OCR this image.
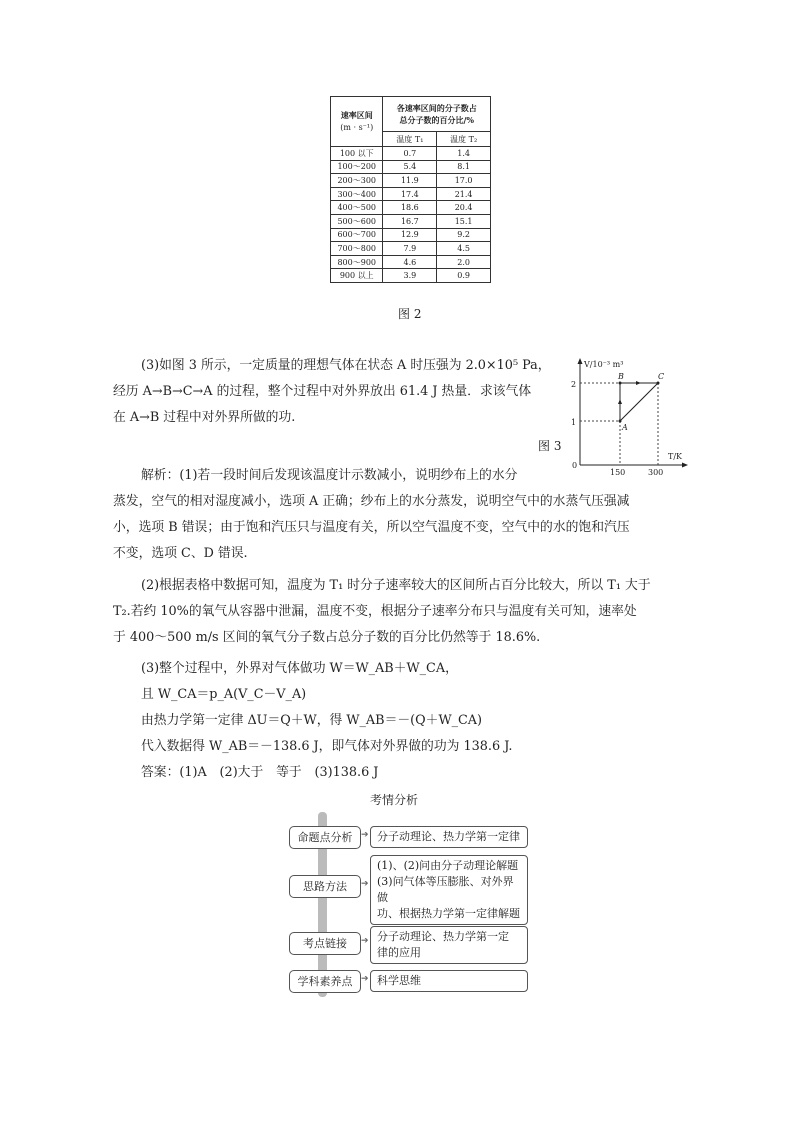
速率区间
(m · s⁻¹)	各速率区间的分子数占
总分子数的百分比/%	
	温度 T₁	温度 T₂
100 以下	0.7	1.4
100～200	5.4	8.1
200～300	11.9	17.0
300～400	17.4	21.4
400～500	18.6	20.4
500～600	16.7	15.1
600～700	12.9	9.2
700～800	7.9	4.5
800～900	4.6	2.0
900 以上	3.9	0.9
图 2
(3)如图 3 所示，一定质量的理想气体在状态 A 时压强为 2.0×10⁵ Pa，
经历 A→B→C→A 的过程，整个过程中对外界放出 61.4 J 热量．求该气体
在 A→B 过程中对外界所做的功.
V/10⁻³ m³
T/K
0
2
1
150	300
A
B	C
图 3
解析：(1)若一段时间后发现该温度计示数减小，说明纱布上的水分
蒸发，空气的相对湿度减小，选项 A 正确；纱布上的水分蒸发，说明空气中的水蒸气压强减
小，选项 B 错误；由于饱和汽压只与温度有关，所以空气温度不变，空气中的水的饱和汽压
不变，选项 C、D 错误.
(2)根据表格中数据可知，温度为 T₁ 时分子速率较大的区间所占百分比较大，所以 T₁ 大于
T₂.若约 10%的氧气从容器中泄漏，温度不变，根据分子速率分布只与温度有关可知，速率处
于 400～500 m/s 区间的氧气分子数占总分子数的百分比仍然等于 18.6%.
(3)整个过程中，外界对气体做功 W＝W_AB＋W_CA，
且 W_CA＝p_A(V_C－V_A)
由热力学第一定律 ΔU＝Q＋W，得 W_AB＝－(Q＋W_CA)
代入数据得 W_AB＝－138.6 J，即气体对外界做的功为 138.6 J.
答案：(1)A　(2)大于　等于　(3)138.6 J
考情分析
命题点分析 ➔ 分子动理论、热力学第一定律
思路方法	➔
(1)、(2)问由分子动理论解题
(3)问气体等压膨胀、对外界做
功、根据热力学第一定律解题
考点链接	➔ 分子动理论、热力学第一定
律的应用
学科素养点 ➔ 科学思维
